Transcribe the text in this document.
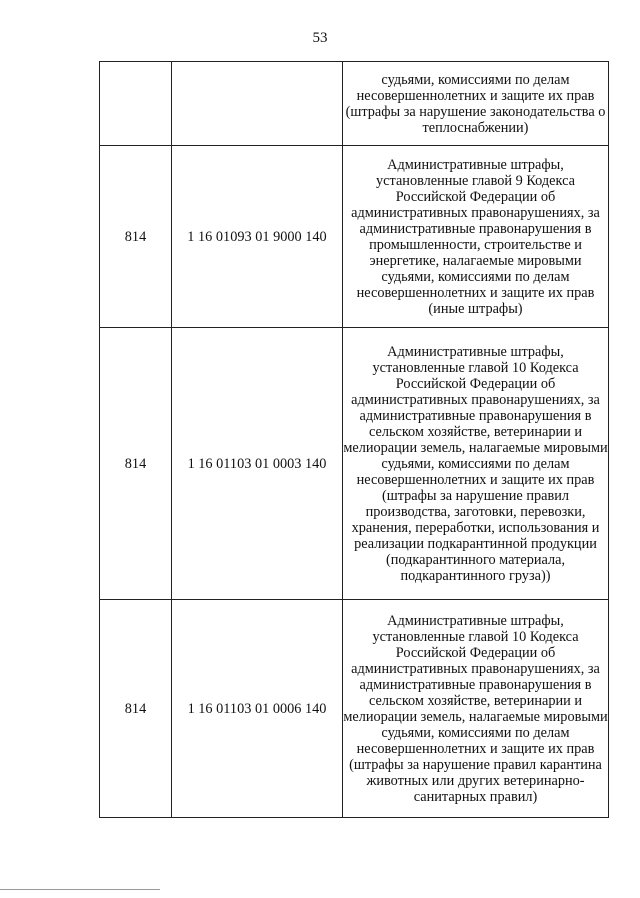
53
		судьями, комиссиями по делам несовершеннолетних и защите их прав (штрафы за нарушение законодательства о теплоснабжении)
814	1 16 01093 01 9000 140	Административные штрафы, установленные главой 9 Кодекса Российской Федерации об административных правонарушениях, за административные правонарушения в промышленности, строительстве и энергетике, налагаемые мировыми судьями, комиссиями по делам несовершеннолетних и защите их прав (иные штрафы)
814	1 16 01103 01 0003 140	Административные штрафы, установленные главой 10 Кодекса Российской Федерации об административных правонарушениях, за административные правонарушения в сельском хозяйстве, ветеринарии и мелиорации земель, налагаемые мировыми судьями, комиссиями по делам несовершеннолетних и защите их прав (штрафы за нарушение правил производства, заготовки, перевозки, хранения, переработки, использования и реализации подкарантинной продукции (подкарантинного материала, подкарантинного груза))
814	1 16 01103 01 0006 140	Административные штрафы, установленные главой 10 Кодекса Российской Федерации об административных правонарушениях, за административные правонарушения в сельском хозяйстве, ветеринарии и мелиорации земель, налагаемые мировыми судьями, комиссиями по делам несовершеннолетних и защите их прав (штрафы за нарушение правил карантина животных или других ветеринарно-санитарных правил)
